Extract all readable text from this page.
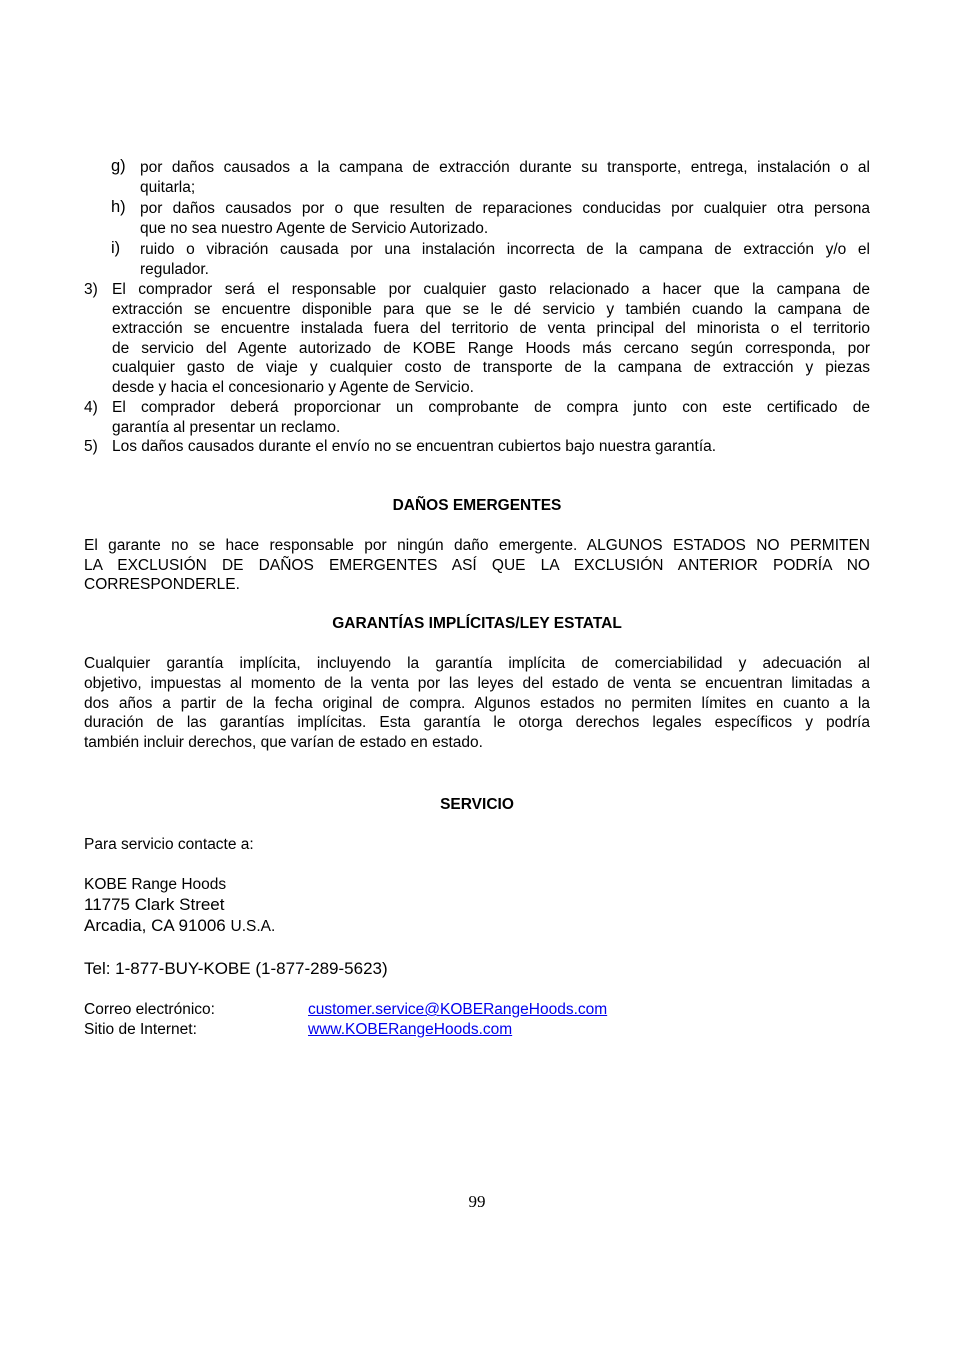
g) por daños causados a la campana de extracción durante su transporte, entrega, instalación o al
quitarla;
h) por daños causados por o que resulten de reparaciones conducidas por cualquier otra persona
que no sea nuestro Agente de Servicio Autorizado.
i) ruido o vibración causada por una instalación incorrecta de la campana de extracción y/o el
regulador.
3) El comprador será el responsable por cualquier gasto relacionado a hacer que la campana de
extracción se encuentre disponible para que se le dé servicio y también cuando la campana de
extracción se encuentre instalada fuera del territorio de venta principal del minorista o el territorio
de servicio del Agente autorizado de KOBE Range Hoods más cercano según corresponda, por
cualquier gasto de viaje y cualquier costo de transporte de la campana de extracción y piezas
desde y hacia el concesionario y Agente de Servicio.
4) El comprador deberá proporcionar un comprobante de compra junto con este certificado de
garantía al presentar un reclamo.
5) Los daños causados durante el envío no se encuentran cubiertos bajo nuestra garantía.
DAÑOS EMERGENTES
El garante no se hace responsable por ningún daño emergente. ALGUNOS ESTADOS NO PERMITEN
LA EXCLUSIÓN DE DAÑOS EMERGENTES ASÍ QUE LA EXCLUSIÓN ANTERIOR PODRÍA NO
CORRESPONDERLE.
GARANTÍAS IMPLÍCITAS/LEY ESTATAL
Cualquier garantía implícita, incluyendo la garantía implícita de comerciabilidad y adecuación al
objetivo, impuestas al momento de la venta por las leyes del estado de venta se encuentran limitadas a
dos años a partir de la fecha original de compra. Algunos estados no permiten límites en cuanto a la
duración de las garantías implícitas. Esta garantía le otorga derechos legales específicos y podría
también incluir derechos, que varían de estado en estado.
SERVICIO
Para servicio contacte a:
KOBE Range Hoods
11775 Clark Street
Arcadia, CA 91006 U.S.A.
Tel: 1-877-BUY-KOBE (1-877-289-5623)
Correo electrónico:	customer.service@KOBERangeHoods.com
Sitio de Internet:	www.KOBERangeHoods.com
99
